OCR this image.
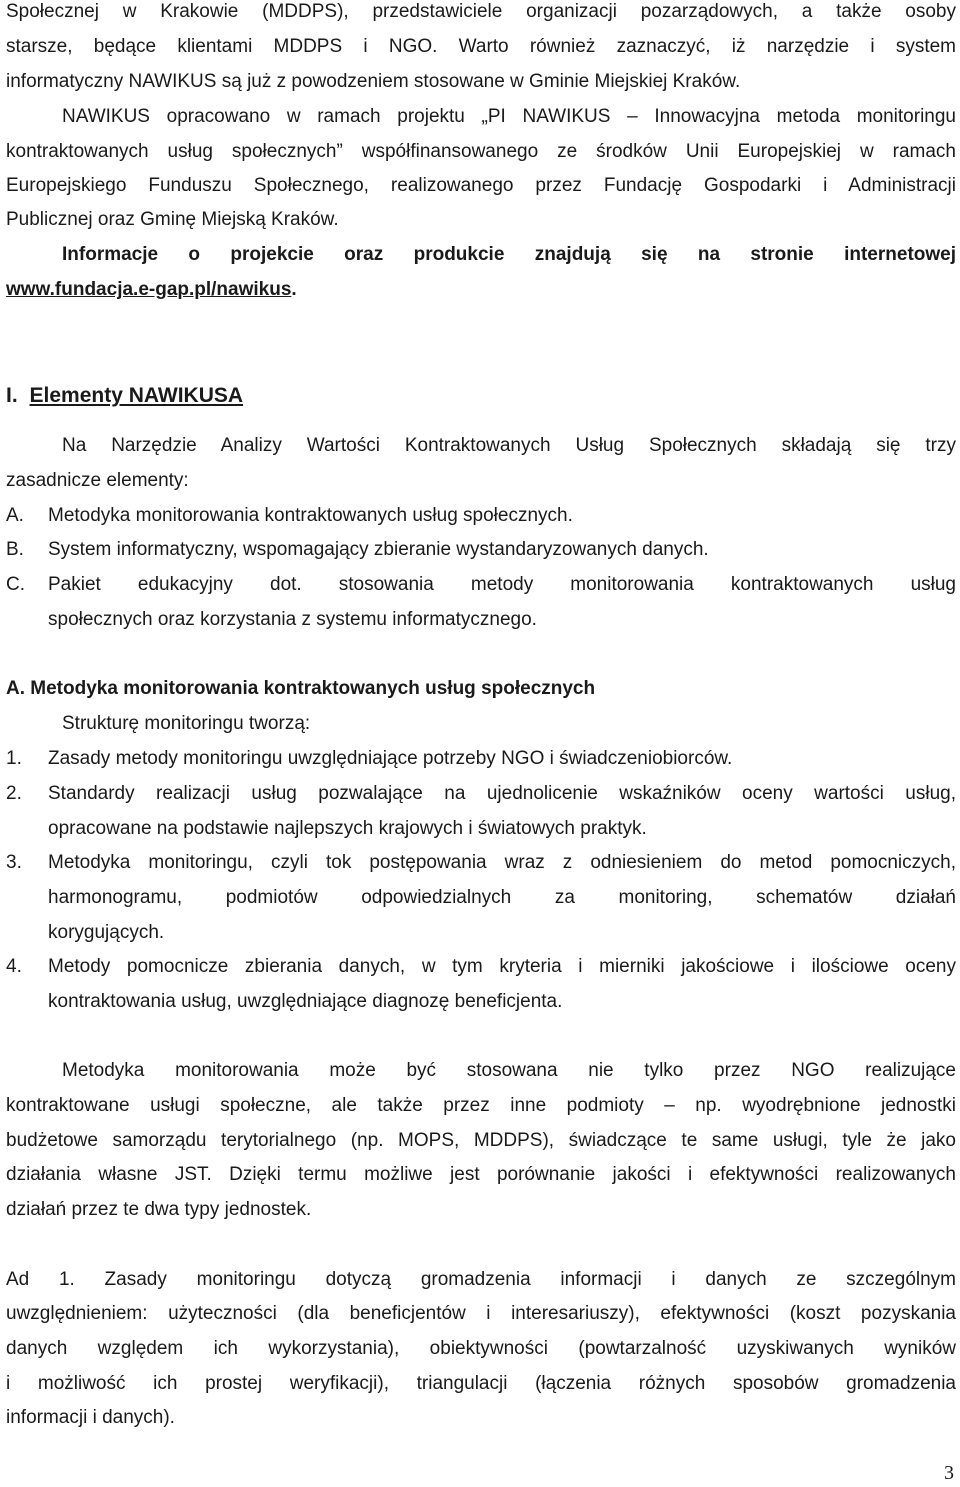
Społecznej w Krakowie (MDDPS), przedstawiciele organizacji pozarządowych, a także osoby
starsze, będące klientami MDDPS i NGO. Warto również zaznaczyć, iż narzędzie i system
informatyczny NAWIKUS są już z powodzeniem stosowane w Gminie Miejskiej Kraków.
NAWIKUS opracowano w ramach projektu „PI NAWIKUS – Innowacyjna metoda monitoringu
kontraktowanych usług społecznych” współfinansowanego ze środków Unii Europejskiej w ramach
Europejskiego Funduszu Społecznego, realizowanego przez Fundację Gospodarki i Administracji
Publicznej oraz Gminę Miejską Kraków.
Informacje o projekcie oraz produkcie znajdują się na stronie internetowej
www.fundacja.e-gap.pl/nawikus.
I. Elementy NAWIKUSA
Na Narzędzie Analizy Wartości Kontraktowanych Usług Społecznych składają się trzy
zasadnicze elementy:
A. Metodyka monitorowania kontraktowanych usług społecznych.
B. System informatyczny, wspomagający zbieranie wystandaryzowanych danych.
C. Pakiet edukacyjny dot. stosowania metody monitorowania kontraktowanych usług
społecznych oraz korzystania z systemu informatycznego.
A. Metodyka monitorowania kontraktowanych usług społecznych
Strukturę monitoringu tworzą:
1. Zasady metody monitoringu uwzględniające potrzeby NGO i świadczeniobiorców.
2. Standardy realizacji usług pozwalające na ujednolicenie wskaźników oceny wartości usług,
opracowane na podstawie najlepszych krajowych i światowych praktyk.
3. Metodyka monitoringu, czyli tok postępowania wraz z odniesieniem do metod pomocniczych,
harmonogramu, podmiotów odpowiedzialnych za monitoring, schematów działań
korygujących.
4. Metody pomocnicze zbierania danych, w tym kryteria i mierniki jakościowe i ilościowe oceny
kontraktowania usług, uwzględniające diagnozę beneficjenta.
Metodyka monitorowania może być stosowana nie tylko przez NGO realizujące
kontraktowane usługi społeczne, ale także przez inne podmioty – np. wyodrębnione jednostki
budżetowe samorządu terytorialnego (np. MOPS, MDDPS), świadczące te same usługi, tyle że jako
działania własne JST. Dzięki termu możliwe jest porównanie jakości i efektywności realizowanych
działań przez te dwa typy jednostek.
Ad 1. Zasady monitoringu dotyczą gromadzenia informacji i danych ze szczególnym
uwzględnieniem: użyteczności (dla beneficjentów i interesariuszy), efektywności (koszt pozyskania
danych względem ich wykorzystania), obiektywności (powtarzalność uzyskiwanych wyników
i możliwość ich prostej weryfikacji), triangulacji (łączenia różnych sposobów gromadzenia
informacji i danych).
3
